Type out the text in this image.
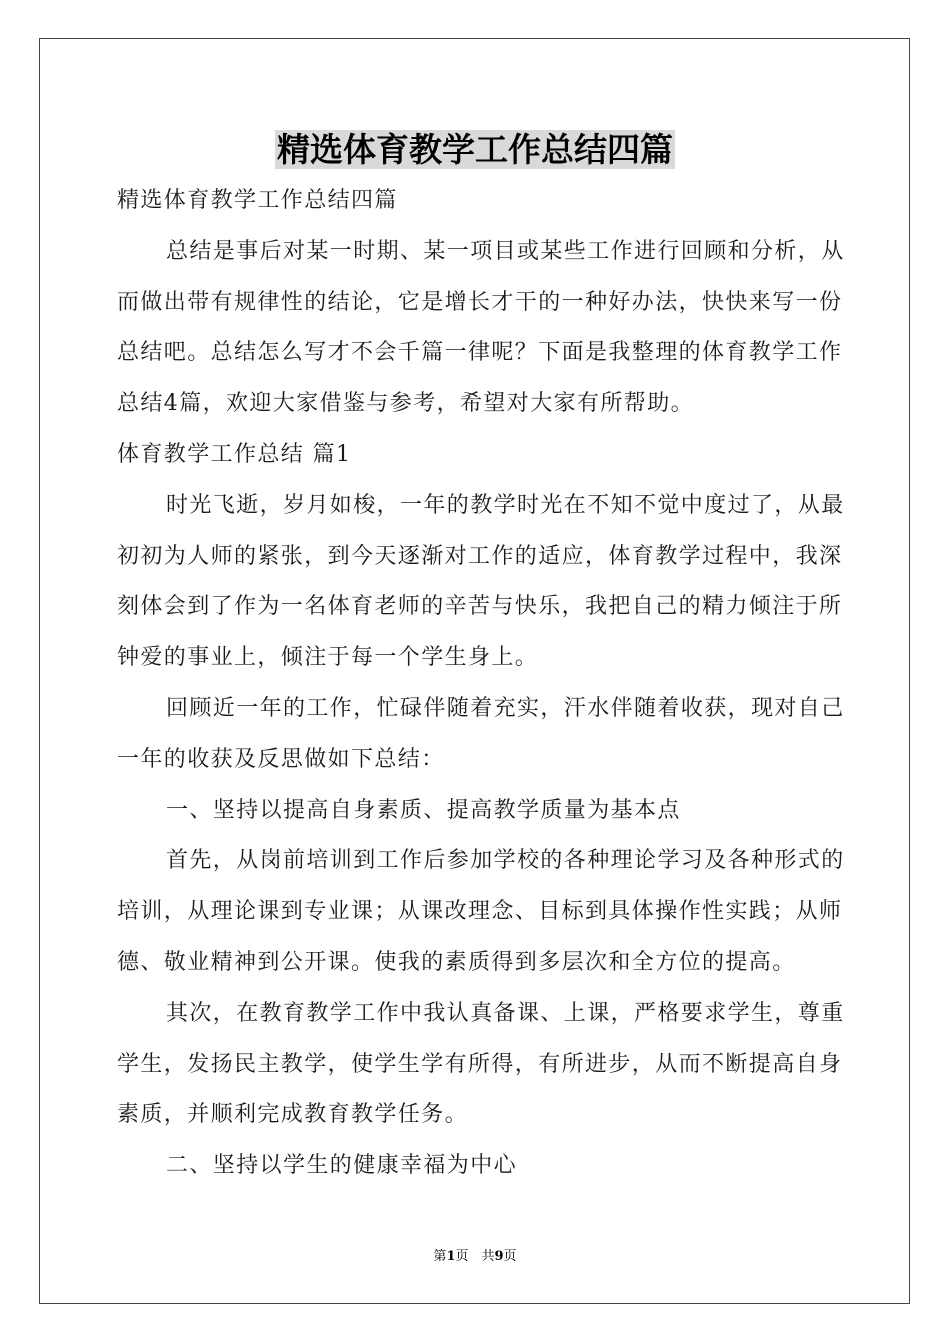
精选体育教学工作总结四篇

精选体育教学工作总结四篇

总结是事后对某一时期、某一项目或某些工作进行回顾和分析，从而做出带有规律性的结论，它是增长才干的一种好办法，快快来写一份总结吧。总结怎么写才不会千篇一律呢？下面是我整理的体育教学工作总结4篇，欢迎大家借鉴与参考，希望对大家有所帮助。

体育教学工作总结 篇1

时光飞逝，岁月如梭，一年的教学时光在不知不觉中度过了，从最初初为人师的紧张，到今天逐渐对工作的适应，体育教学过程中，我深刻体会到了作为一名体育老师的辛苦与快乐，我把自己的精力倾注于所钟爱的事业上，倾注于每一个学生身上。

回顾近一年的工作，忙碌伴随着充实，汗水伴随着收获，现对自己一年的收获及反思做如下总结：

一、坚持以提高自身素质、提高教学质量为基本点

首先，从岗前培训到工作后参加学校的各种理论学习及各种形式的培训，从理论课到专业课；从课改理念、目标到具体操作性实践；从师德、敬业精神到公开课。使我的素质得到多层次和全方位的提高。

其次，在教育教学工作中我认真备课、上课，严格要求学生，尊重学生，发扬民主教学，使学生学有所得，有所进步，从而不断提高自身素质，并顺利完成教育教学任务。

二、坚持以学生的健康幸福为中心

第1页　共9页
